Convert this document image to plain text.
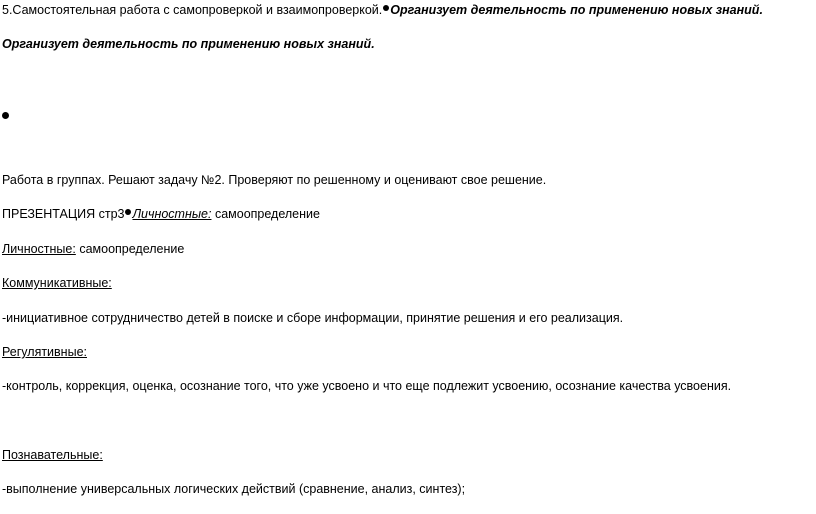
5.Самостоятельная работа с самопроверкой и взаимопроверкой. Организует деятельность по применению новых знаний.
Организует деятельность по применению новых знаний.
Работа в группах. Решают задачу №2. Проверяют по решенному и оценивают свое решение.
ПРЕЗЕНТАЦИЯ стр3 Личностные: самоопределение
Личностные: самоопределение
Коммуникативные:
-инициативное сотрудничество детей в поиске и сборе информации, принятие решения и его реализация.
Регулятивные:
-контроль, коррекция, оценка, осознание того, что уже усвоено и что еще подлежит усвоению, осознание качества усвоения.
Познавательные:
-выполнение универсальных логических действий (сравнение, анализ, синтез);
